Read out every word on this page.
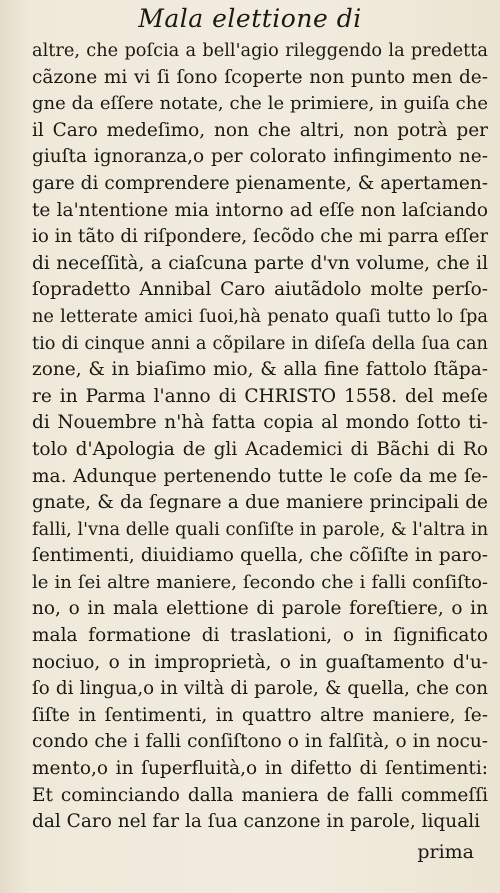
Mala elettione di
altre, che poſcia a bell'agio rileggendo la predetta
cãzone mi vi ſi ſono ſcoperte non punto men de-
gne da eſſere notate, che le primiere, in guiſa che
il Caro medeſimo, non che altri, non potrà per
giuſta ignoranza,o per colorato infingimento ne-
gare di comprendere pienamente, & apertamen-
te la'ntentione mia intorno ad eſſe non laſciando
io in tãto di riſpondere, ſecõdo che mi parra eſſer
di neceſſità, a ciaſcuna parte d'vn volume, che il
ſopradetto Annibal Caro aiutãdolo molte perſo-
ne letterate amici ſuoi,hà penato quaſi tutto lo ſpa
tio di cinque anni a cõpilare in diſeſa della ſua can
zone, & in biaſimo mio, & alla fine fattolo ſtãpa-
re in Parma l'anno di CHRISTO 1558. del meſe
di Nouembre n'hà fatta copia al mondo ſotto ti-
tolo d'Apologia de gli Academici di Bãchi di Ro
ma. Adunque pertenendo tutte le coſe da me ſe-
gnate, & da ſegnare a due maniere principali de
falli, l'vna delle quali conſiſte in parole, & l'altra in
ſentimenti, diuidiamo quella, che cõſiſte in paro-
le in ſei altre maniere, ſecondo che i falli conſiſto-
no, o in mala elettione di parole foreſtiere, o in
mala formatione di traslationi, o in ſignificato
nociuo, o in improprietà, o in guaſtamento d'u-
ſo di lingua,o in viltà di parole, & quella, che con
ſiſte in ſentimenti, in quattro altre maniere, ſe-
condo che i falli conſiſtono o in falſità, o in nocu-
mento,o in ſuperfluità,o in difetto di ſentimenti:
Et cominciando dalla maniera de falli commeſſi
dal Caro nel far la ſua canzone in parole, liquali
prima
